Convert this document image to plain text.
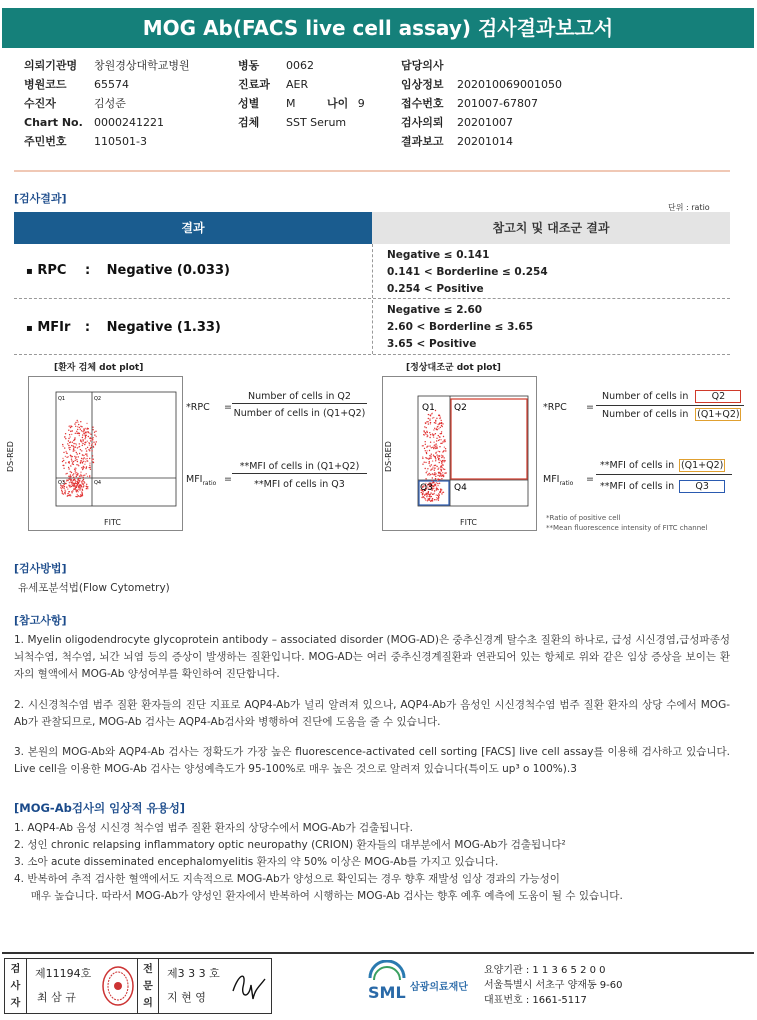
MOG Ab(FACS live cell assay) 검사결과보고서
의뢰기관명 창원경상대학교병원
병원코드 65574
수진자	김성준
Chart No. 0000241221
주민번호 110501-3
병동 0062
진료과 AER
성별 M
검체 SST Serum
나이 9
담당의사
임상정보 202010069001050
접수번호 201007-67807
검사의뢰 20201007
결과보고 20201014
[검사결과]
단위 : ratio
결과	참고치 및 대조군 결과
▪ RPC : Negative (0.033)
Negative ≤ 0.141
0.141 < Borderline ≤ 0.254
0.254 < Positive
▪ MFIr : Negative (1.33)
Negative ≤ 2.60
2.60 < Borderline ≤ 3.65
3.65 < Positive
[환자 검체 dot plot]
Q1	Q2
Q3	Q4
DS-RED
FITC
*RPC =
Number of cells in Q2
Number of cells in (Q1+Q2)
$MFI_{ratio}$ =
**MFI of cells in (Q1+Q2)
**MFI of cells in Q3
[정상대조군 dot plot]
Q1 Q2
Q3 Q4
DS-RED
FITC
*RPC =
Number of cells in Q2
Number of cells in (Q1+Q2)
$MFI_{ratio}$ =
**MFI of cells in (Q1+Q2)
**MFI of cells in Q3
*Ratio of positive cell
**Mean fluorescence intensity of FITC channel
[검사방법]
유세포분석법(Flow Cytometry)
[참고사항]
1. Myelin oligodendrocyte glycoprotein antibody – associated disorder (MOG-AD)은 중추신경계 탈수초 질환의 하나로, 급성 시신경염,급성파종성 뇌척수염, 척수염, 뇌간 뇌염 등의 증상이 발생하는 질환입니다. MOG-AD는 여러 중추신경계질환과 연관되어 있는 항체로 위와 같은 임상 증상을 보이는 환자의 혈액에서 MOG-Ab 양성여부를 확인하여 진단합니다.
2. 시신경척수염 범주 질환 환자들의 진단 지표로 AQP4-Ab가 널리 알려져 있으나, AQP4-Ab가 음성인 시신경척수염 범주 질환 환자의 상당 수에서 MOG-Ab가 관찰되므로, MOG-Ab 검사는 AQP4-Ab검사와 병행하여 진단에 도움을 줄 수 있습니다.
3. 본원의 MOG-Ab와 AQP4-Ab 검사는 정확도가 가장 높은 fluorescence-activated cell sorting [FACS] live cell assay를 이용해 검사하고 있습니다. Live cell을 이용한 MOG-Ab 검사는 양성예측도가 95-100%로 매우 높은 것으로 알려져 있습니다(특이도 up³ o 100%).3
[MOG-Ab검사의 임상적 유용성]
1. AQP4-Ab 음성 시신경 척수염 범주 질환 환자의 상당수에서 MOG-Ab가 검출됩니다.
2. 성인 chronic relapsing inflammatory optic neuropathy (CRION) 환자들의 대부분에서 MOG-Ab가 검출됩니다²
3. 소아 acute disseminated encephalomyelitis 환자의 약 50% 이상은 MOG-Ab를 가지고 있습니다.
4. 반복하여 추적 검사한 혈액에서도 지속적으로 MOG-Ab가 양성으로 확인되는 경우 향후 재발성 임상 경과의 가능성이
매우 높습니다. 따라서 MOG-Ab가 양성인 환자에서 반복하여 시행하는 MOG-Ab 검사는 향후 예후 예측에 도움이 될 수 있습니다.
검
사
자
제11194호
최 삼 규
전
문
의
제3 3 3 호
지 현 영	SML 삼광의료재단
요양기관 : 1 1 3 6 5 2 0 0
서울특별시 서초구 양재동 9-60
대표번호 : 1661-5117
